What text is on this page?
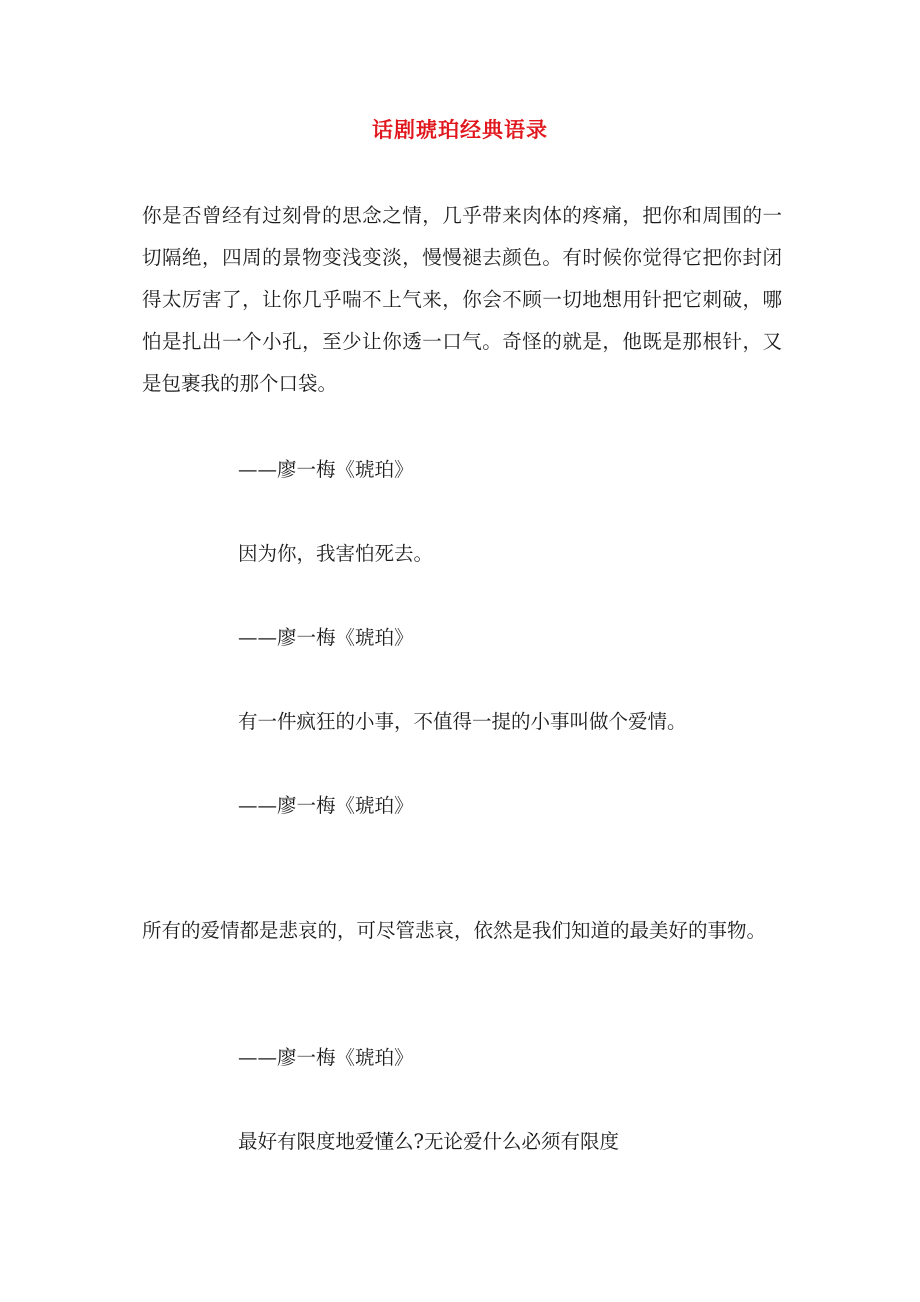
话剧琥珀经典语录
你是否曾经有过刻骨的思念之情，几乎带来肉体的疼痛，把你和周围的一切隔绝，四周的景物变浅变淡，慢慢褪去颜色。有时候你觉得它把你封闭得太厉害了，让你几乎喘不上气来，你会不顾一切地想用针把它刺破，哪怕是扎出一个小孔，至少让你透一口气。奇怪的就是，他既是那根针，又是包裹我的那个口袋。
——廖一梅《琥珀》
因为你，我害怕死去。
——廖一梅《琥珀》
有一件疯狂的小事，不值得一提的小事叫做个爱情。
——廖一梅《琥珀》
所有的爱情都是悲哀的，可尽管悲哀，依然是我们知道的最美好的事物。
——廖一梅《琥珀》
最好有限度地爱懂么?无论爱什么必须有限度
